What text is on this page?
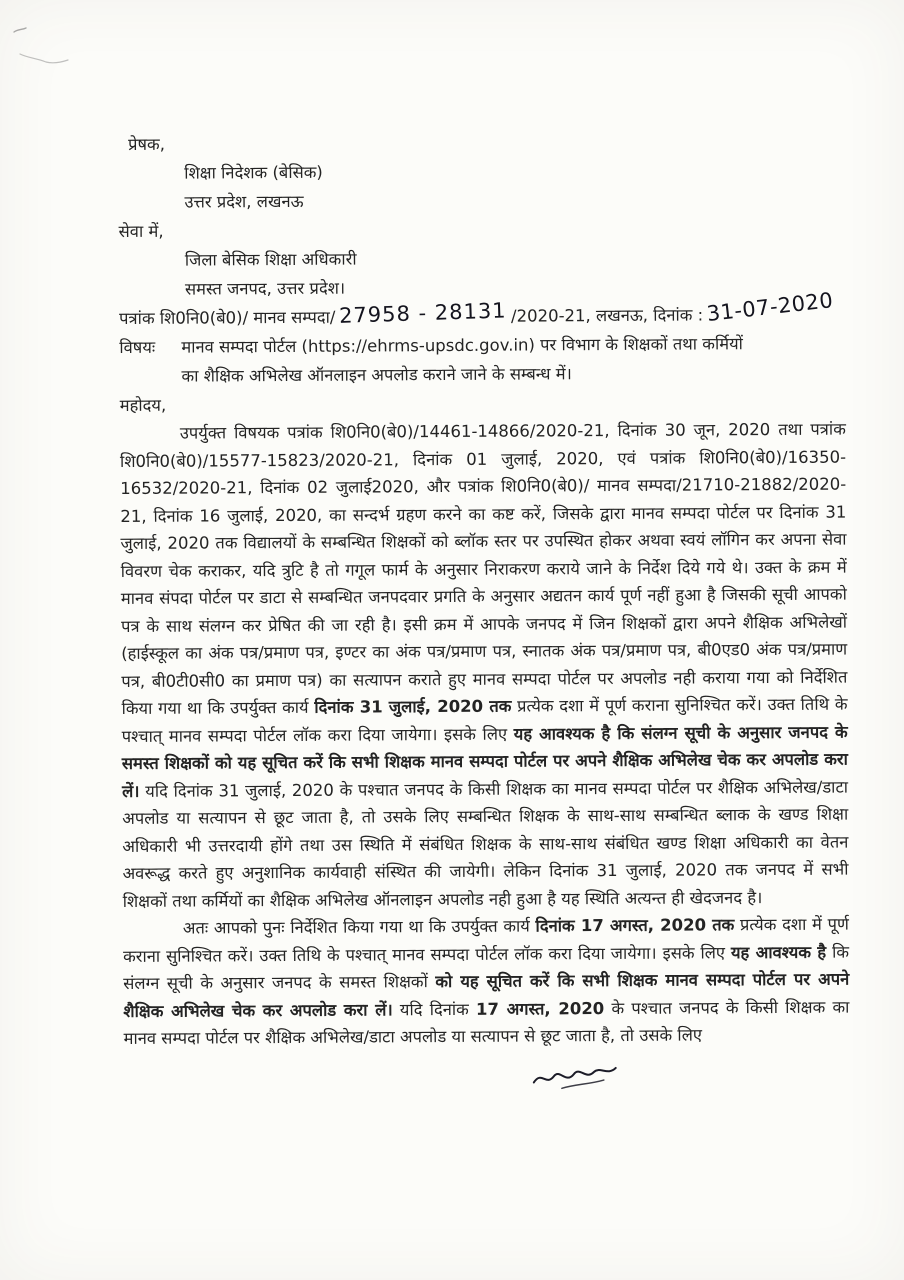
प्रेषक,
शिक्षा निदेशक (बेसिक)
उत्तर प्रदेश, लखनऊ
सेवा में,
जिला बेसिक शिक्षा अधिकारी
समस्त जनपद, उत्तर प्रदेश।
पत्रांक शि0नि0(बे0)/ मानव सम्पदा/ 27958 - 28131 /2020-21, लखनऊ, दिनांक : 31-07-2020
विषयः	मानव सम्पदा पोर्टल (https://ehrms-upsdc.gov.in) पर विभाग के शिक्षकों तथा कर्मियों
का शैक्षिक अभिलेख ऑनलाइन अपलोड कराने जाने के सम्बन्ध में।
महोदय,

उपर्युक्त विषयक पत्रांक शि0नि0(बे0)/14461-14866/2020-21, दिनांक 30 जून, 2020 तथा पत्रांक शि0नि0(बे0)/15577-15823/2020-21, दिनांक 01 जुलाई, 2020, एवं पत्रांक शि0नि0(बे0)/16350-16532/2020-21, दिनांक 02 जुलाई2020, और पत्रांक शि0नि0(बे0)/ मानव सम्पदा/21710-21882/2020-21, दिनांक 16 जुलाई, 2020, का सन्दर्भ ग्रहण करने का कष्ट करें, जिसके द्वारा मानव सम्पदा पोर्टल पर दिनांक 31 जुलाई, 2020 तक विद्यालयों के सम्बन्धित शिक्षकों को ब्लॉक स्तर पर उपस्थित होकर अथवा स्वयं लॉगिन कर अपना सेवा विवरण चेक कराकर, यदि त्रुटि है तो गगूल फार्म के अनुसार निराकरण कराये जाने के निर्देश दिये गये थे। उक्त के क्रम में मानव संपदा पोर्टल पर डाटा से सम्बन्धित जनपदवार प्रगति के अनुसार अद्यतन कार्य पूर्ण नहीं हुआ है जिसकी सूची आपको पत्र के साथ संलग्न कर प्रेषित की जा रही है। इसी क्रम में आपके जनपद में जिन शिक्षकों द्वारा अपने शैक्षिक अभिलेखों (हाईस्कूल का अंक पत्र/प्रमाण पत्र, इण्टर का अंक पत्र/प्रमाण पत्र, स्नातक अंक पत्र/प्रमाण पत्र, बी0एड0 अंक पत्र/प्रमाण पत्र, बी0टी0सी0 का प्रमाण पत्र) का सत्यापन कराते हुए मानव सम्पदा पोर्टल पर अपलोड नही कराया गया को निर्देशित किया गया था कि उपर्युक्त कार्य दिनांक 31 जुलाई, 2020 तक प्रत्येक दशा में पूर्ण कराना सुनिश्चित करें। उक्त तिथि के पश्चात् मानव सम्पदा पोर्टल लॉक करा दिया जायेगा। इसके लिए यह आवश्यक है कि संलग्न सूची के अनुसार जनपद के समस्त शिक्षकों को यह सूचित करें कि सभी शिक्षक मानव सम्पदा पोर्टल पर अपने शैक्षिक अभिलेख चेक कर अपलोड करा लें। यदि दिनांक 31 जुलाई, 2020 के पश्चात जनपद के किसी शिक्षक का मानव सम्पदा पोर्टल पर शैक्षिक अभिलेख/डाटा अपलोड या सत्यापन से छूट जाता है, तो उसके लिए सम्बन्धित शिक्षक के साथ-साथ सम्बन्धित ब्लाक के खण्ड शिक्षा अधिकारी भी उत्तरदायी होंगे तथा उस स्थिति में संबंधित शिक्षक के साथ-साथ संबंधित खण्ड शिक्षा अधिकारी का वेतन अवरूद्ध करते हुए अनुशानिक कार्यवाही संस्थित की जायेगी। लेकिन दिनांक 31 जुलाई, 2020 तक जनपद में सभी शिक्षकों तथा कर्मियों का शैक्षिक अभिलेख ऑनलाइन अपलोड नही हुआ है यह स्थिति अत्यन्त ही खेदजनद है।

अतः आपको पुनः निर्देशित किया गया था कि उपर्युक्त कार्य दिनांक 17 अगस्त, 2020 तक प्रत्येक दशा में पूर्ण कराना सुनिश्चित करें। उक्त तिथि के पश्चात् मानव सम्पदा पोर्टल लॉक करा दिया जायेगा। इसके लिए यह आवश्यक है कि संलग्न सूची के अनुसार जनपद के समस्त शिक्षकों को यह सूचित करें कि सभी शिक्षक मानव सम्पदा पोर्टल पर अपने शैक्षिक अभिलेख चेक कर अपलोड करा लें। यदि दिनांक 17 अगस्त, 2020 के पश्चात जनपद के किसी शिक्षक का मानव सम्पदा पोर्टल पर शैक्षिक अभिलेख/डाटा अपलोड या सत्यापन से छूट जाता है, तो उसके लिए
